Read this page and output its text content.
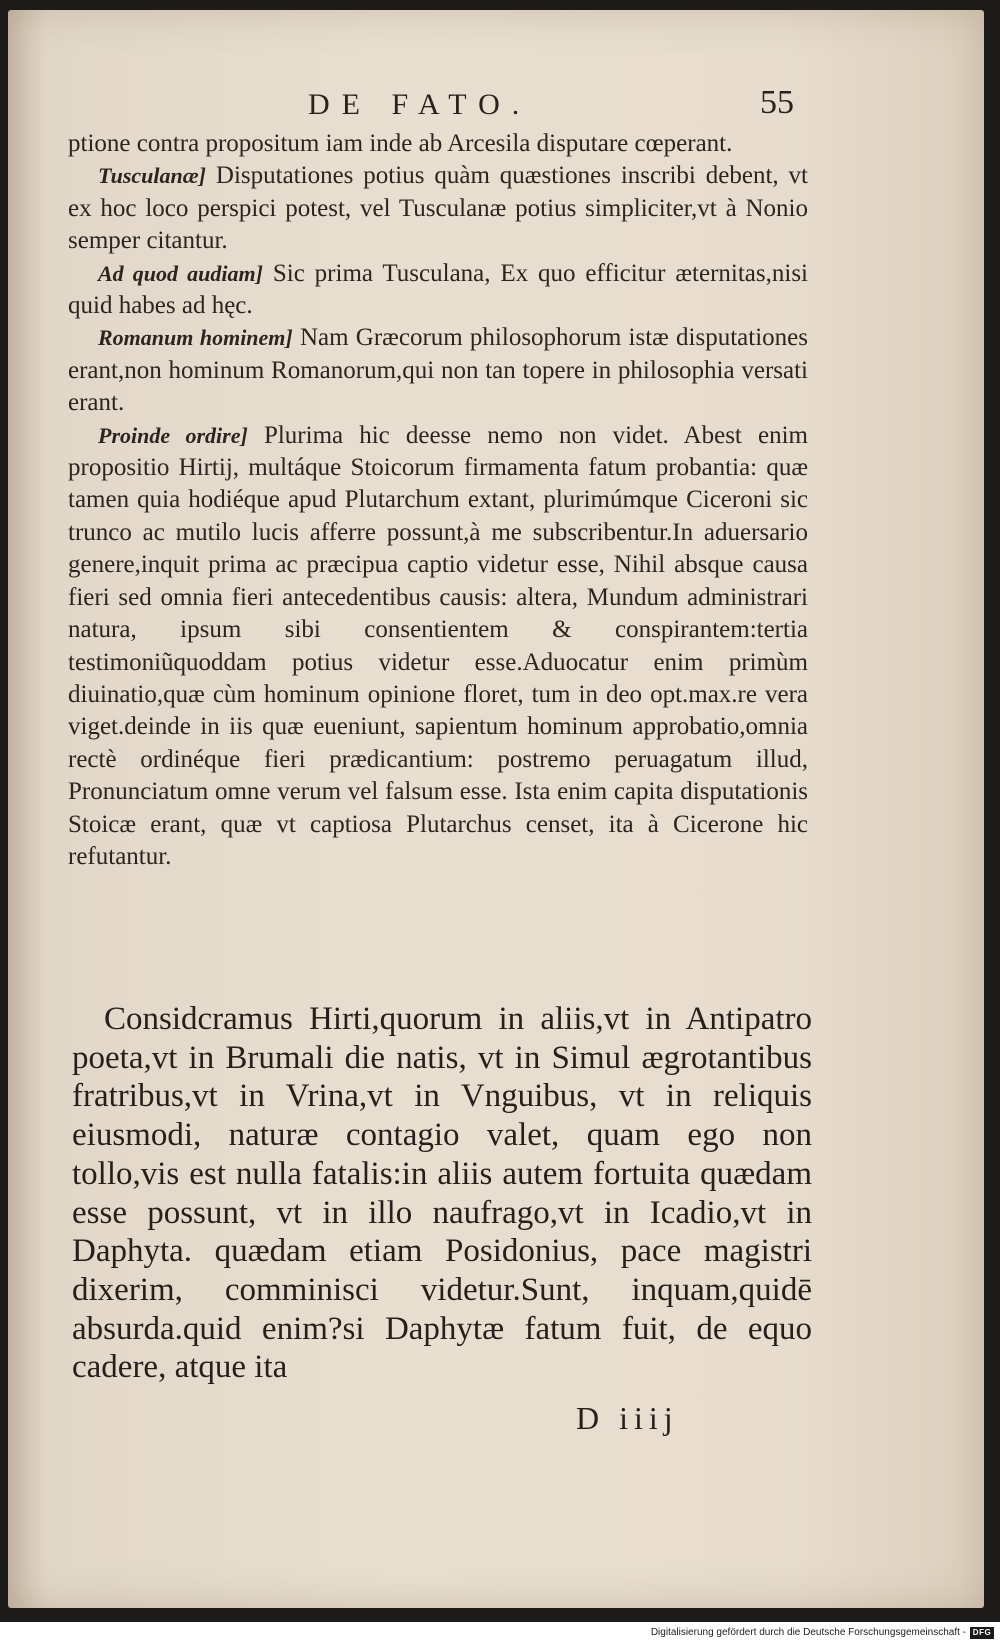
DE FATO.	55

ptione contra propositum iam inde ab Arcesila disputare cœperant.

Tusculanæ] Disputationes potius quàm quæstiones inscribi debent, vt ex hoc loco perspici potest, vel Tusculanæ potius simpliciter,vt à Nonio semper citantur.

Ad quod audiam] Sic prima Tusculana, Ex quo efficitur æternitas,nisi quid habes ad hęc.

Romanum hominem] Nam Græcorum philosophorum istæ disputationes erant,non hominum Romanorum,qui non tan topere in philosophia versati erant.

Proinde ordire] Plurima hic deesse nemo non videt. Abest enim propositio Hirtij, multáque Stoicorum firmamenta fatum probantia: quæ tamen quia hodiéque apud Plutarchum extant, plurimúmque Ciceroni sic trunco ac mutilo lucis afferre possunt,à me subscribentur.In aduersario genere,inquit prima ac præcipua captio videtur esse, Nihil absque causa fieri sed omnia fieri antecedentibus causis: altera, Mundum administrari natura, ipsum sibi consentientem & conspirantem:tertia testimoniũquoddam potius videtur esse.Aduocatur enim primùm diuinatio,quæ cùm hominum opinione floret, tum in deo opt.max.re vera viget.deinde in iis quæ eueniunt, sapientum hominum approbatio,omnia rectè ordinéque fieri prædicantium: postremo peruagatum illud, Pronunciatum omne verum vel falsum esse. Ista enim capita disputationis Stoicæ erant, quæ vt captiosa Plutarchus censet, ita à Cicerone hic refutantur.

Considcramus Hirti,quorum in aliis,vt in Antipatro poeta,vt in Brumali die natis, vt in Simul ægrotantibus fratribus,vt in Vrina,vt in Vnguibus, vt in reliquis eiusmodi, naturæ contagio valet, quam ego non tollo,vis est nulla fatalis:in aliis autem fortuita quædam esse possunt, vt in illo naufrago,vt in Icadio,vt in Daphyta. quædam etiam Posidonius, pace magistri dixerim, comminisci videtur.Sunt, inquam,quidē absurda.quid enim?si Daphytæ fatum fuit, de equo cadere, atque ita

D iiij
Digitalisierung gefördert durch die Deutsche Forschungsgemeinschaft - DFG
